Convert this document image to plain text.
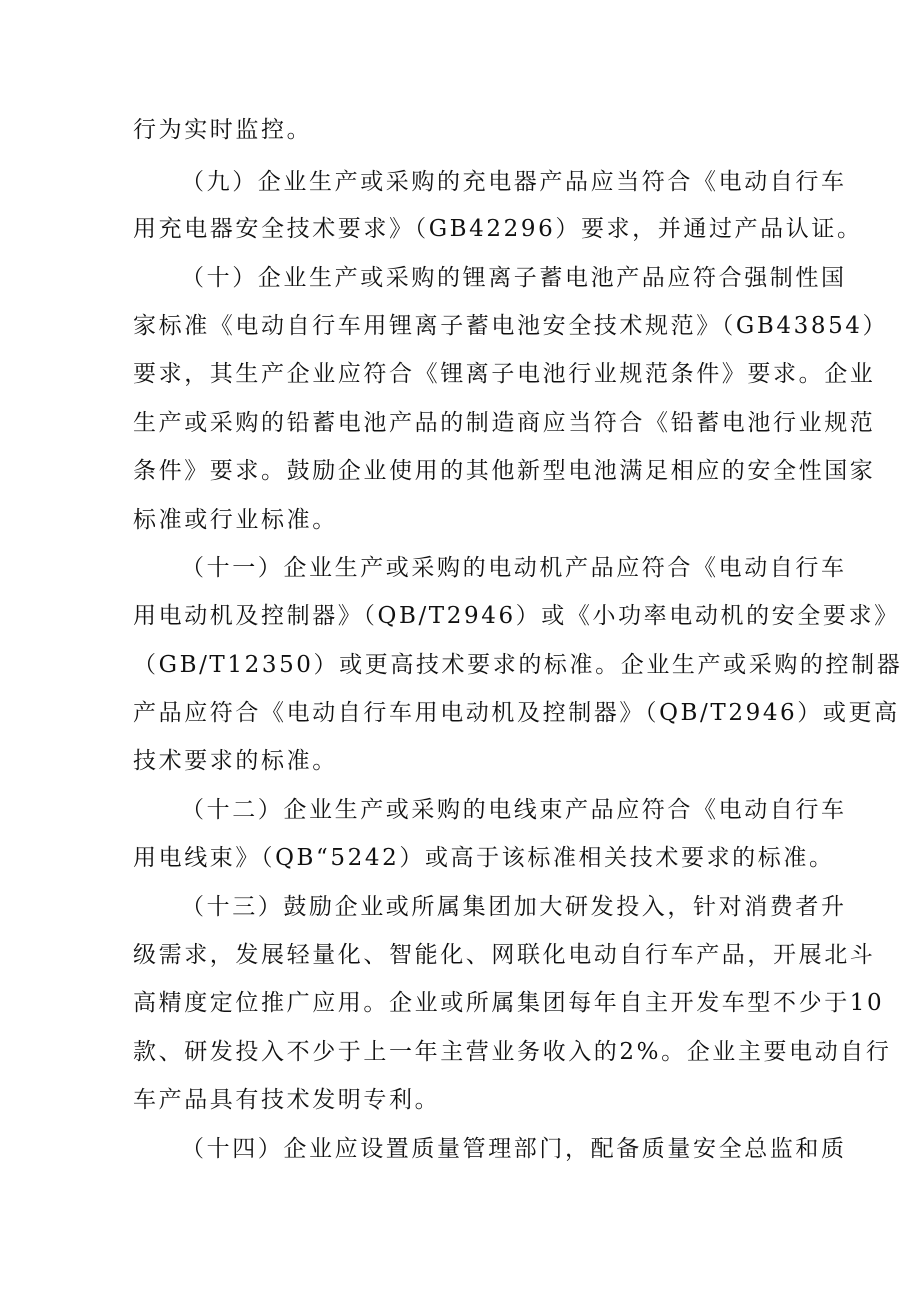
行为实时监控。
（九）企业生产或采购的充电器产品应当符合《电动自行车
用充电器安全技术要求》（GB42296）要求，并通过产品认证。
（十）企业生产或采购的锂离子蓄电池产品应符合强制性国
家标准《电动自行车用锂离子蓄电池安全技术规范》（GB43854）
要求，其生产企业应符合《锂离子电池行业规范条件》要求。企业
生产或采购的铅蓄电池产品的制造商应当符合《铅蓄电池行业规范
条件》要求。鼓励企业使用的其他新型电池满足相应的安全性国家
标准或行业标准。
（十一）企业生产或采购的电动机产品应符合《电动自行车
用电动机及控制器》（QB/T2946）或《小功率电动机的安全要求》
（GB/T12350）或更高技术要求的标准。企业生产或采购的控制器
产品应符合《电动自行车用电动机及控制器》（QB/T2946）或更高
技术要求的标准。
（十二）企业生产或采购的电线束产品应符合《电动自行车
用电线束》（QB“5242）或高于该标准相关技术要求的标准。
（十三）鼓励企业或所属集团加大研发投入，针对消费者升
级需求，发展轻量化、智能化、网联化电动自行车产品，开展北斗
高精度定位推广应用。企业或所属集团每年自主开发车型不少于10
款、研发投入不少于上一年主营业务收入的2%。企业主要电动自行
车产品具有技术发明专利。
（十四）企业应设置质量管理部门，配备质量安全总监和质
